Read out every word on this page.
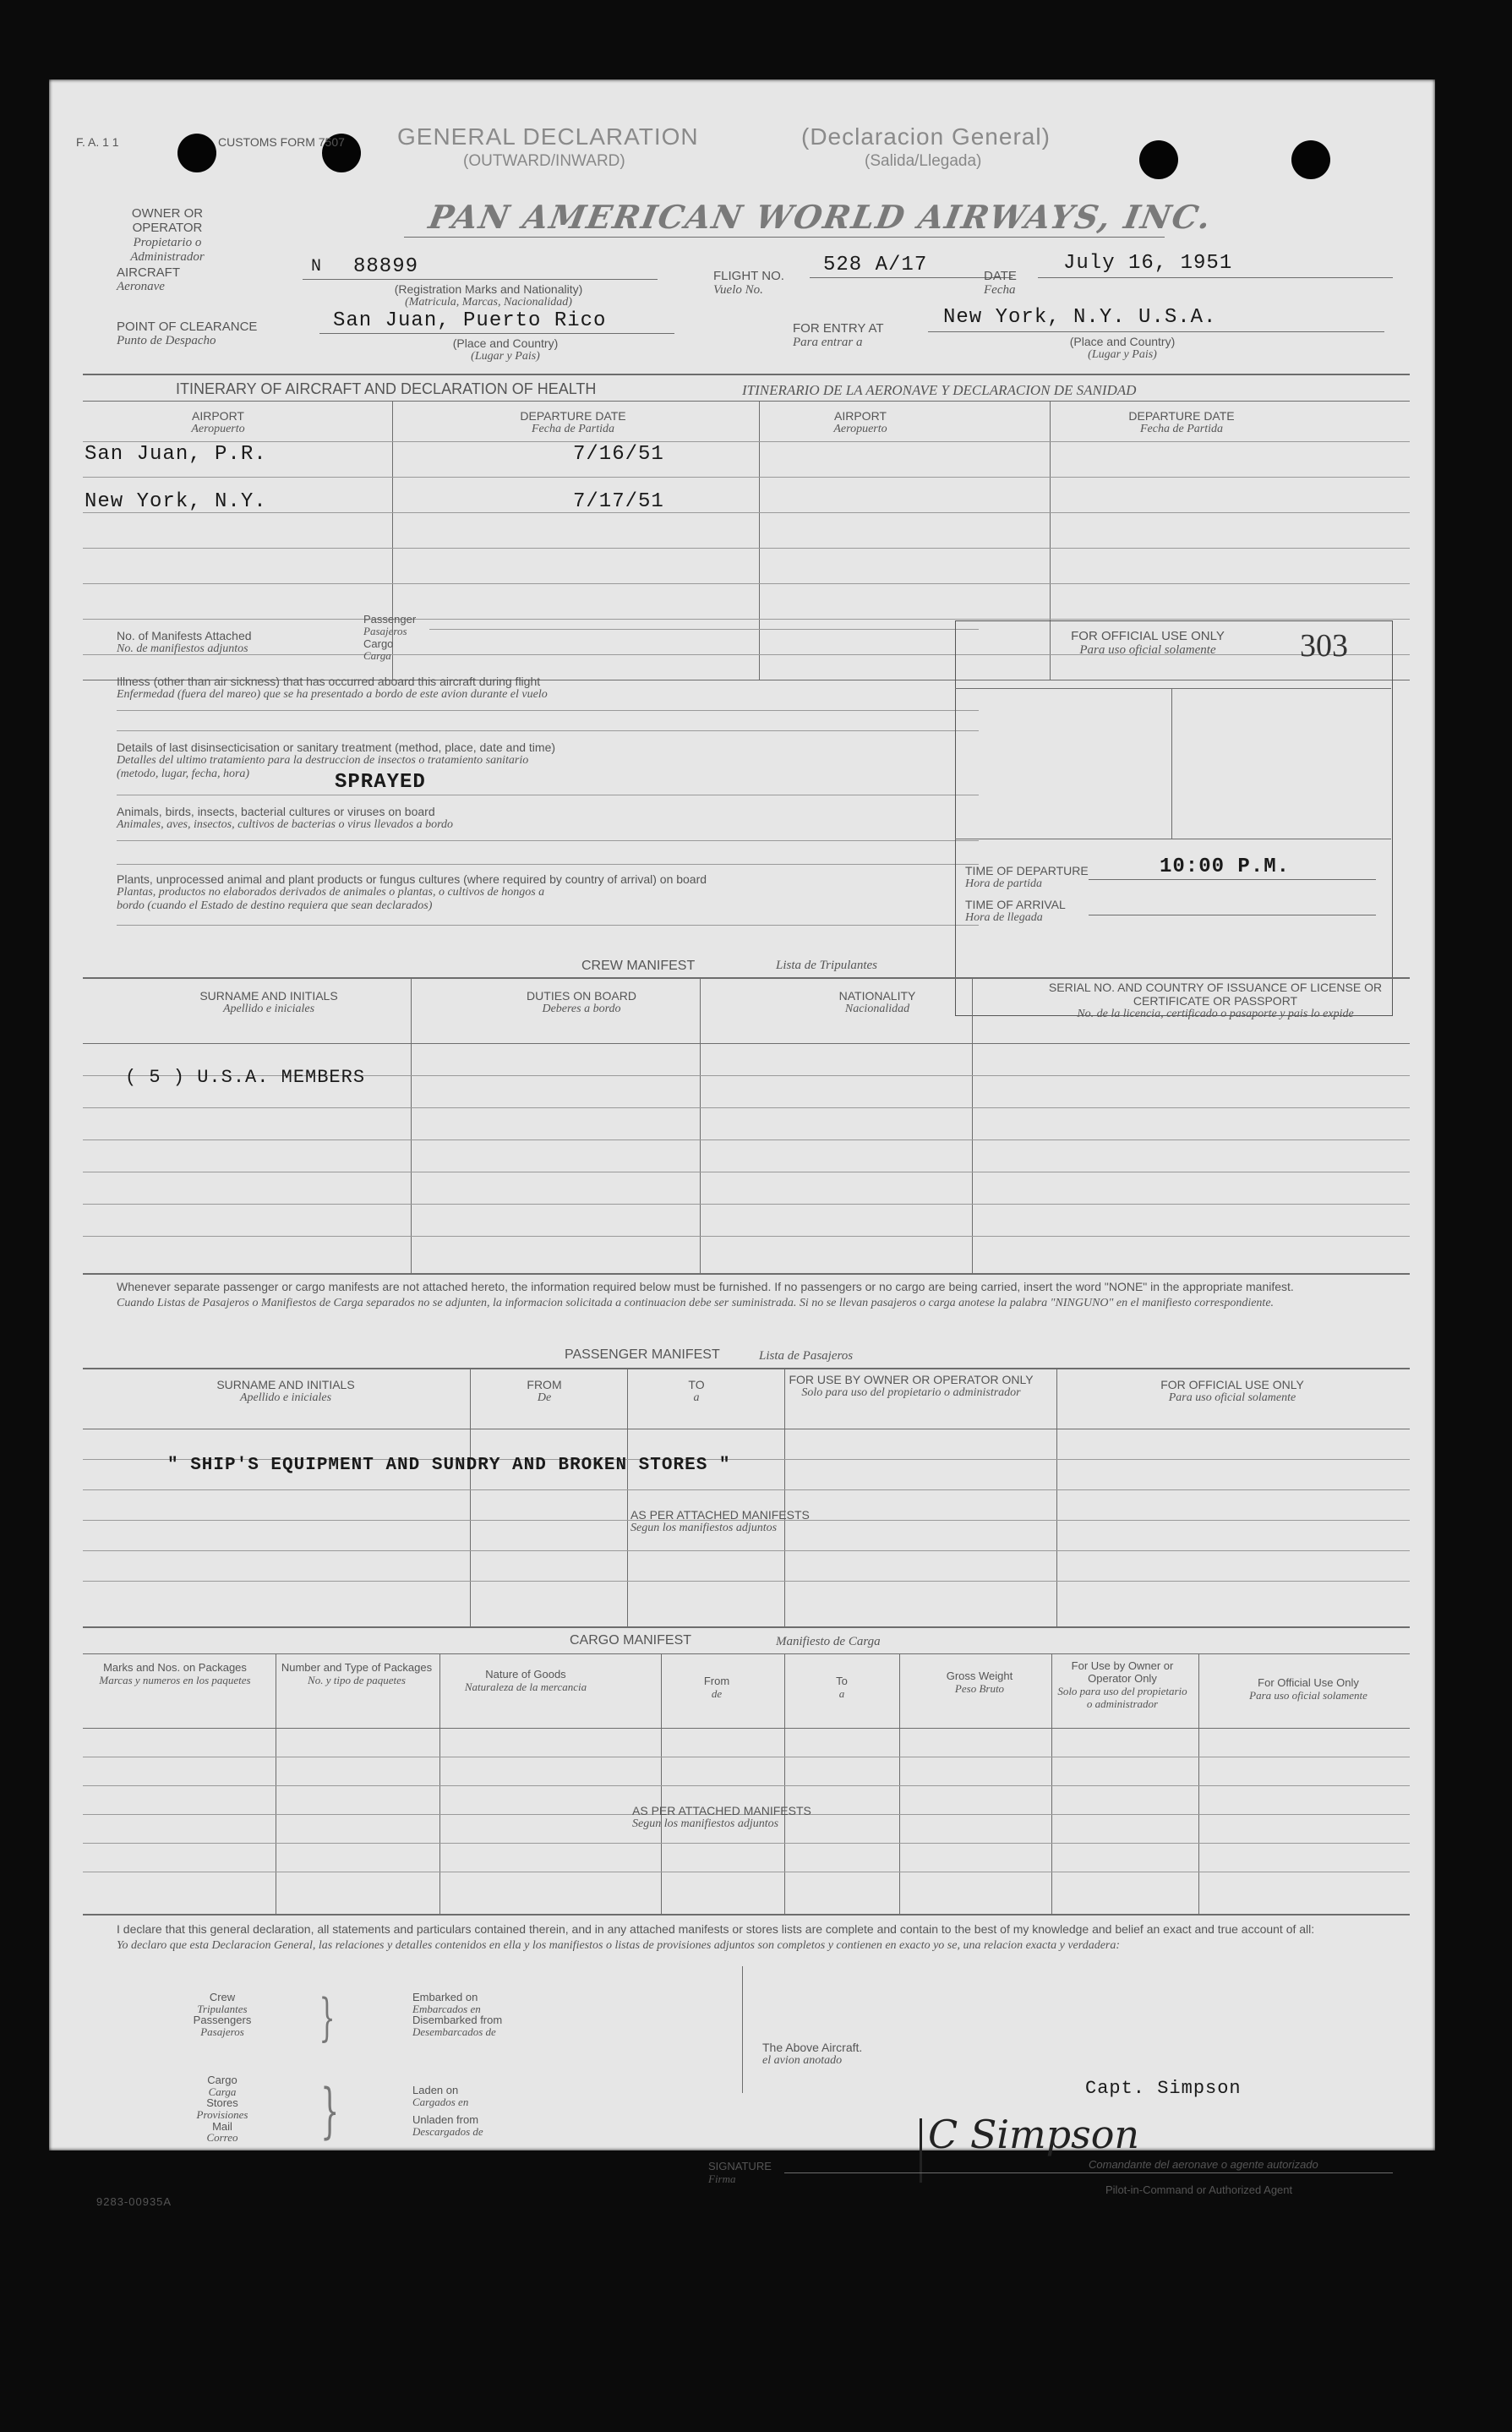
F. A. 1 1	CUSTOMS FORM 7507 GENERAL DECLARATION
(OUTWARD/INWARD)
(Declaracion General)
(Salida/Llegada)
OWNER OR OPERATOR
Propietario o Administrador
PAN AMERICAN WORLD AIRWAYS, INC.
AIRCRAFT
Aeronave
N 88899
(Registration Marks and Nationality)
(Matricula, Marcas, Nacionalidad)
FLIGHT NO.
Vuelo No.
528 A/17	DATE
Fecha
July 16, 1951
POINT OF CLEARANCE
Punto de Despacho
San Juan, Puerto Rico
(Place and Country)
(Lugar y Pais)
FOR ENTRY AT
Para entrar a
New York, N.Y. U.S.A.
(Place and Country)
(Lugar y Pais)
ITINERARY OF AIRCRAFT AND DECLARATION OF HEALTH	ITINERARIO DE LA AERONAVE Y DECLARACION DE SANIDAD
AIRPORT
Aeropuerto
DEPARTURE DATE
Fecha de Partida
AIRPORT
Aeropuerto
DEPARTURE DATE
Fecha de Partida
San Juan, P.R.	7/16/51
New York, N.Y.	7/17/51
No. of Manifests Attached
No. de manifiestos adjuntos
Passenger
Pasajeros
Cargo
Carga
Illness (other than air sickness) that has occurred aboard this aircraft during flight
Enfermedad (fuera del mareo) que se ha presentado a bordo de este avion durante el vuelo
Details of last disinsecticisation or sanitary treatment (method, place, date and time)
Detalles del ultimo tratamiento para la destruccion de insectos o tratamiento sanitario
(metodo, lugar, fecha, hora)	SPRAYED
Animals, birds, insects, bacterial cultures or viruses on board
Animales, aves, insectos, cultivos de bacterias o virus llevados a bordo
Plants, unprocessed animal and plant products or fungus cultures (where required by country of arrival) on board
Plantas, productos no elaborados derivados de animales o plantas, o cultivos de hongos a
bordo (cuando el Estado de destino requiera que sean declarados)
FOR OFFICIAL USE ONLY
Para uso oficial solamente	303
TIME OF DEPARTURE
Hora de partida
10:00 P.M.
TIME OF ARRIVAL
Hora de llegada
CREW MANIFEST	Lista de Tripulantes
SURNAME AND INITIALS
Apellido e iniciales
DUTIES ON BOARD
Deberes a bordo
NATIONALITY
Nacionalidad
SERIAL NO. AND COUNTRY OF ISSUANCE OF LICENSE OR CERTIFICATE OR PASSPORT
No. de la licencia, certificado o pasaporte y pais lo expide
( 5 ) U.S.A. MEMBERS
Whenever separate passenger or cargo manifests are not attached hereto, the information required below must be furnished. If no passengers or no cargo are being carried, insert the word "NONE" in the appropriate manifest.
Cuando Listas de Pasajeros o Manifiestos de Carga separados no se adjunten, la informacion solicitada a continuacion debe ser suministrada. Si no se llevan pasajeros o carga anotese la palabra "NINGUNO" en el manifiesto correspondiente.
PASSENGER MANIFEST	Lista de Pasajeros
SURNAME AND INITIALS
Apellido e iniciales
FROM
De
TO
a
FOR USE BY OWNER OR OPERATOR ONLY
Solo para uso del propietario o administrador
FOR OFFICIAL USE ONLY
Para uso oficial solamente
" SHIP'S EQUIPMENT AND SUNDRY AND BROKEN STORES "
AS PER ATTACHED MANIFESTS
Segun los manifiestos adjuntos
CARGO MANIFEST	Manifiesto de Carga
Marks and Nos. on Packages
Marcas y numeros en los paquetes
Number and Type of Packages
No. y tipo de paquetes	Nature of Goods
Naturaleza de la mercancia	From
de
To
a
Gross Weight
Peso Bruto
For Use by Owner or Operator Only
Solo para uso del propietario o administrador
For Official Use Only
Para uso oficial solamente
AS PER ATTACHED MANIFESTS
Segun los manifiestos adjuntos
I declare that this general declaration, all statements and particulars contained therein, and in any attached manifests or stores lists are complete and contain to the best of my knowledge and belief an exact and true account of all:
Yo declaro que esta Declaracion General, las relaciones y detalles contenidos en ella y los manifiestos o listas de provisiones adjuntos son completos y contienen en exacto yo se, una relacion exacta y verdadera:
Crew
Tripulantes
Passengers
Pasajeros	}	Embarked on
Embarcados en
Disembarked from
Desembarcados de
Cargo
Carga
Stores
Provisiones
Mail
Correo	}	Laden on
Cargados en
Unladen from
Descargados de
The Above Aircraft.
el avion anotado
Capt. Simpson
C Simpson
SIGNATURE
Firma
Comandante del aeronave o agente autorizado
Pilot-in-Command or Authorized Agent
9283-00935A
